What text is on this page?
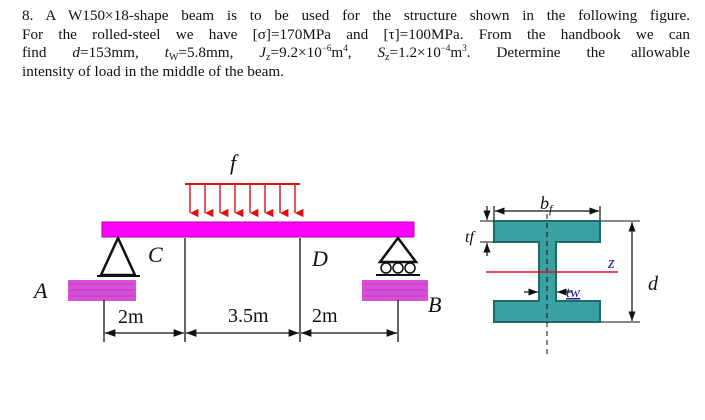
8. A W150×18-shape beam is to be used for the structure shown in the following figure.

For the rolled-steel we have [σ]=170MPa and [τ]=100MPa. From the handbook we can

find d=153mm, $t_W=5.8mm$, $J_z=9.2\times 10^{-6}m^4$, $S_z=1.2\times 10^{-4}m^3$. Determine the allowable

intensity of load in the middle of the beam.

f
A
C	D
B
2m	3.5m 2m
z
$b_f$
tf
tw	d
